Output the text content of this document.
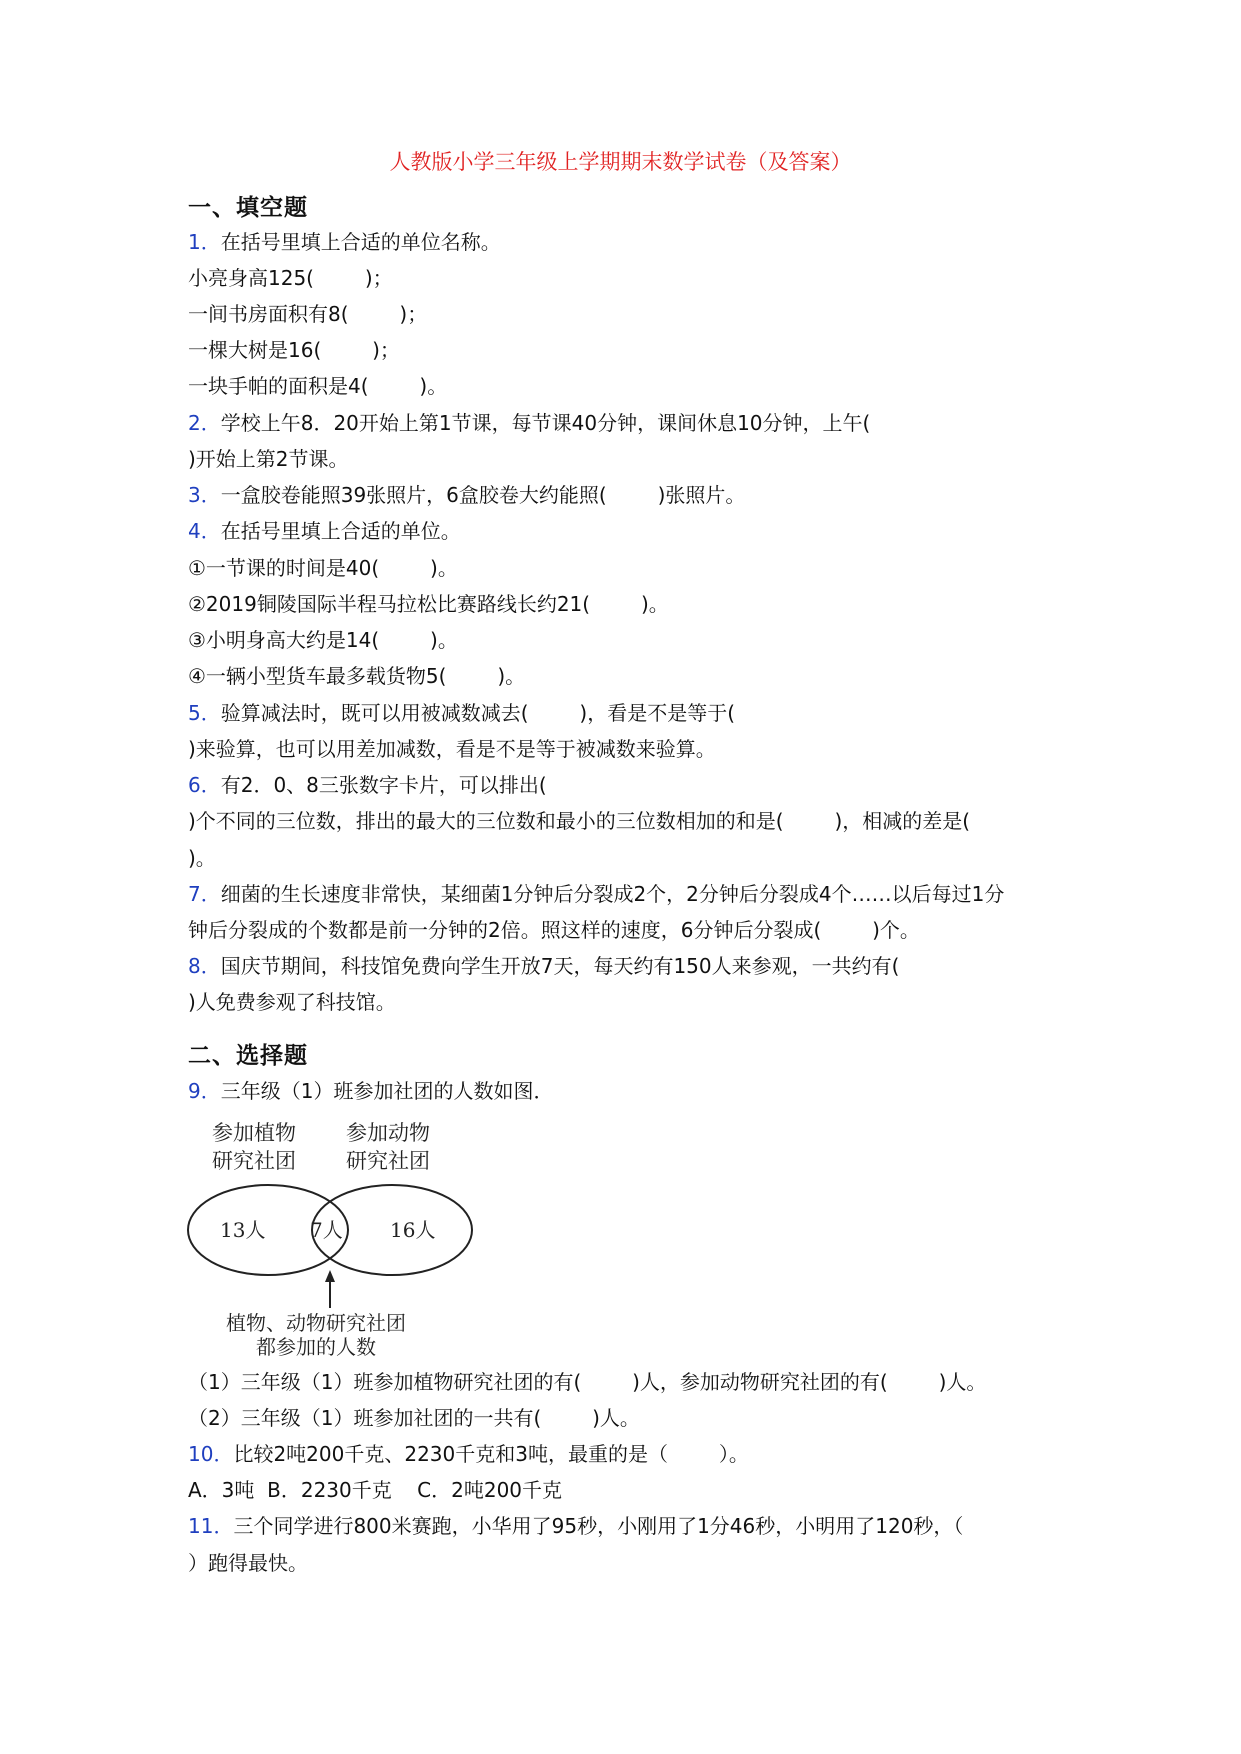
人教版小学三年级上学期期末数学试卷（及答案）
一、填空题
1．在括号里填上合适的单位名称。
小亮身高125(        )；
一间书房面积有8(        )；
一棵大树是16(        )；
一块手帕的面积是4(        )。
2．学校上午8．20开始上第1节课，每节课40分钟，课间休息10分钟，上午(
)开始上第2节课。
3．一盒胶卷能照39张照片，6盒胶卷大约能照(        )张照片。
4．在括号里填上合适的单位。
①一节课的时间是40(        )。
②2019铜陵国际半程马拉松比赛路线长约21(        )。
③小明身高大约是14(        )。
④一辆小型货车最多载货物5(        )。
5．验算减法时，既可以用被减数减去(        )，看是不是等于(
)来验算，也可以用差加减数，看是不是等于被减数来验算。
6．有2．0、8三张数字卡片，可以排出(
)个不同的三位数，排出的最大的三位数和最小的三位数相加的和是(        )，相减的差是(
)。
7．细菌的生长速度非常快，某细菌1分钟后分裂成2个，2分钟后分裂成4个……以后每过1分
钟后分裂成的个数都是前一分钟的2倍。照这样的速度，6分钟后分裂成(        )个。
8．国庆节期间，科技馆免费向学生开放7天，每天约有150人来参观，一共约有(
)人免费参观了科技馆。
二、选择题
9．三年级（1）班参加社团的人数如图．
参加植物
研究社团
参加动物
研究社团
13人 7人 16人
植物、动物研究社团
都参加的人数
（1）三年级（1）班参加植物研究社团的有(        )人，参加动物研究社团的有(        )人。
（2）三年级（1）班参加社团的一共有(        )人。
10．比较2吨200千克、2230千克和3吨，最重的是（        ）。
A．3吨  B．2230千克    C．2吨200千克
11．三个同学进行800米赛跑，小华用了95秒，小刚用了1分46秒，小明用了120秒，（
）跑得最快。
